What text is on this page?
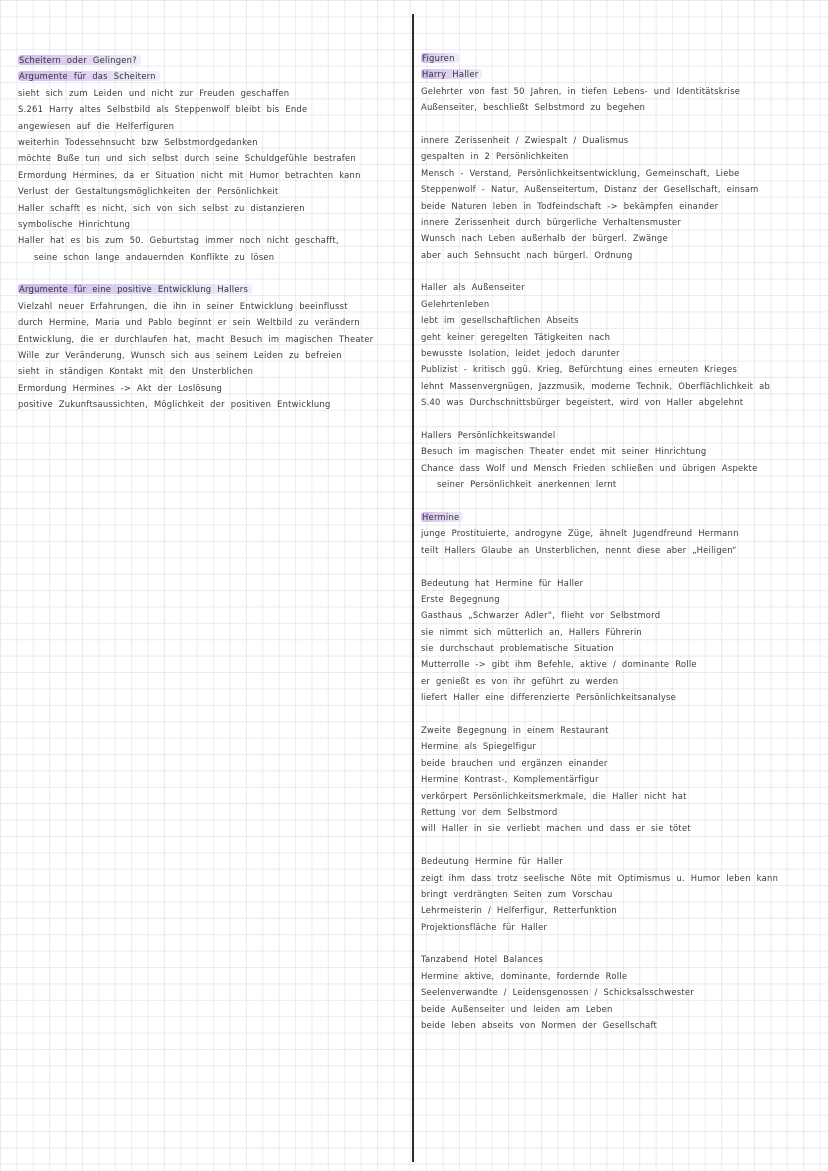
Scheitern oder Gelingen?
Argumente für das Scheitern
sieht sich zum Leiden und nicht zur Freuden geschaffen
S.261 Harry altes Selbstbild als Steppenwolf bleibt bis Ende
angewiesen auf die Helferfiguren
weiterhin Todessehnsucht bzw Selbstmordgedanken
möchte Buße tun und sich selbst durch seine Schuldgefühle bestrafen
Ermordung Hermines, da er Situation nicht mit Humor betrachten kann
Verlust der Gestaltungsmöglichkeiten der Persönlichkeit
Haller schafft es nicht, sich von sich selbst zu distanzieren
symbolische Hinrichtung
Haller hat es bis zum 50. Geburtstag immer noch nicht geschafft,
seine schon lange andauernden Konflikte zu lösen
Argumente für eine positive Entwicklung Hallers
Vielzahl neuer Erfahrungen, die ihn in seiner Entwicklung beeinflusst
durch Hermine, Maria und Pablo beginnt er sein Weltbild zu verändern
Entwicklung, die er durchlaufen hat, macht Besuch im magischen Theater
Wille zur Veränderung, Wunsch sich aus seinem Leiden zu befreien
sieht in ständigen Kontakt mit den Unsterblichen
Ermordung Hermines -> Akt der Loslösung
positive Zukunftsaussichten, Möglichkeit der positiven Entwicklung
Figuren
Harry Haller
Gelehrter von fast 50 Jahren, in tiefen Lebens- und Identitätskrise
Außenseiter, beschließt Selbstmord zu begehen
innere Zerissenheit / Zwiespalt / Dualismus
gespalten in 2 Persönlichkeiten
Mensch - Verstand, Persönlichkeitsentwicklung, Gemeinschaft, Liebe
Steppenwolf - Natur, Außenseitertum, Distanz der Gesellschaft, einsam
beide Naturen leben in Todfeindschaft -> bekämpfen einander
innere Zerissenheit durch bürgerliche Verhaltensmuster
Wunsch nach Leben außerhalb der bürgerl. Zwänge
aber auch Sehnsucht nach bürgerl. Ordnung
Haller als Außenseiter
Gelehrtenleben
lebt im gesellschaftlichen Abseits
geht keiner geregelten Tätigkeiten nach
bewusste Isolation, leidet jedoch darunter
Publizist - kritisch ggü. Krieg, Befürchtung eines erneuten Krieges
lehnt Massenvergnügen, Jazzmusik, moderne Technik, Oberflächlichkeit ab
S.40 was Durchschnittsbürger begeistert, wird von Haller abgelehnt
Hallers Persönlichkeitswandel
Besuch im magischen Theater endet mit seiner Hinrichtung
Chance dass Wolf und Mensch Frieden schließen und übrigen Aspekte
seiner Persönlichkeit anerkennen lernt
Hermine
junge Prostituierte, androgyne Züge, ähnelt Jugendfreund Hermann
teilt Hallers Glaube an Unsterblichen, nennt diese aber „Heiligen“
Bedeutung hat Hermine für Haller
Erste Begegnung
Gasthaus „Schwarzer Adler“, flieht vor Selbstmord
sie nimmt sich mütterlich an, Hallers Führerin
sie durchschaut problematische Situation
Mutterrolle -> gibt ihm Befehle, aktive / dominante Rolle
er genießt es von ihr geführt zu werden
liefert Haller eine differenzierte Persönlichkeitsanalyse
Zweite Begegnung in einem Restaurant
Hermine als Spiegelfigur
beide brauchen und ergänzen einander
Hermine Kontrast-, Komplementärfigur
verkörpert Persönlichkeitsmerkmale, die Haller nicht hat
Rettung vor dem Selbstmord
will Haller in sie verliebt machen und dass er sie tötet
Bedeutung Hermine für Haller
zeigt ihm dass trotz seelische Nöte mit Optimismus u. Humor leben kann
bringt verdrängten Seiten zum Vorschau
Lehrmeisterin / Helferfigur, Retterfunktion
Projektionsfläche für Haller
Tanzabend Hotel Balances
Hermine aktive, dominante, fordernde Rolle
Seelenverwandte / Leidensgenossen / Schicksalsschwester
beide Außenseiter und leiden am Leben
beide leben abseits von Normen der Gesellschaft
